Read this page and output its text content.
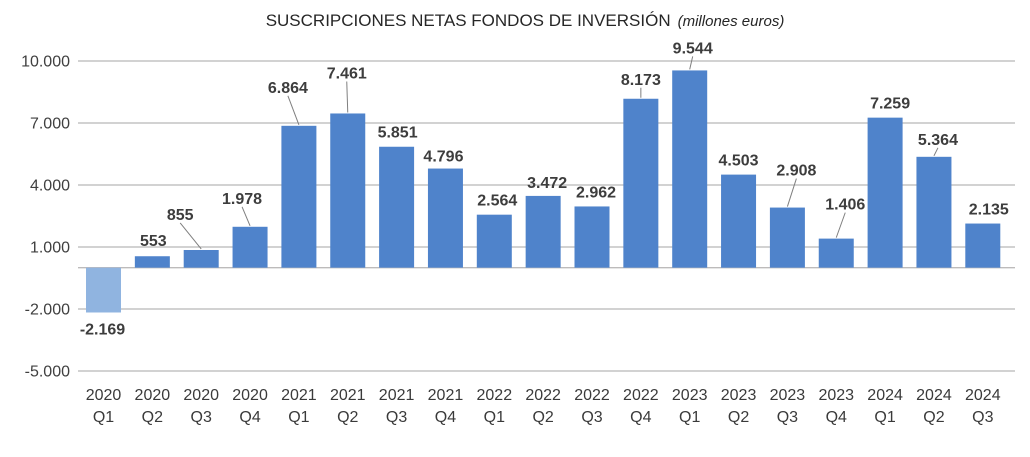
SUSCRIPCIONES NETAS FONDOS DE INVERSIÓN (millones euros)
-2.169
553
855
1.978
6.864
7.461
5.851
4.796
2.564
3.472
2.962
8.173
9.544
4.503
2.908
1.406
7.259
5.364
2.135
10.000
7.000
4.000
1.000
-2.000
-5.000
2020
Q1
2020
Q2
2020
Q3
2020
Q4
2021
Q1
2021
Q2
2021
Q3
2021
Q4
2022
Q1
2022
Q2
2022
Q3
2022
Q4
2023
Q1
2023
Q2
2023
Q3
2023
Q4
2024
Q1
2024
Q2
2024
Q3
